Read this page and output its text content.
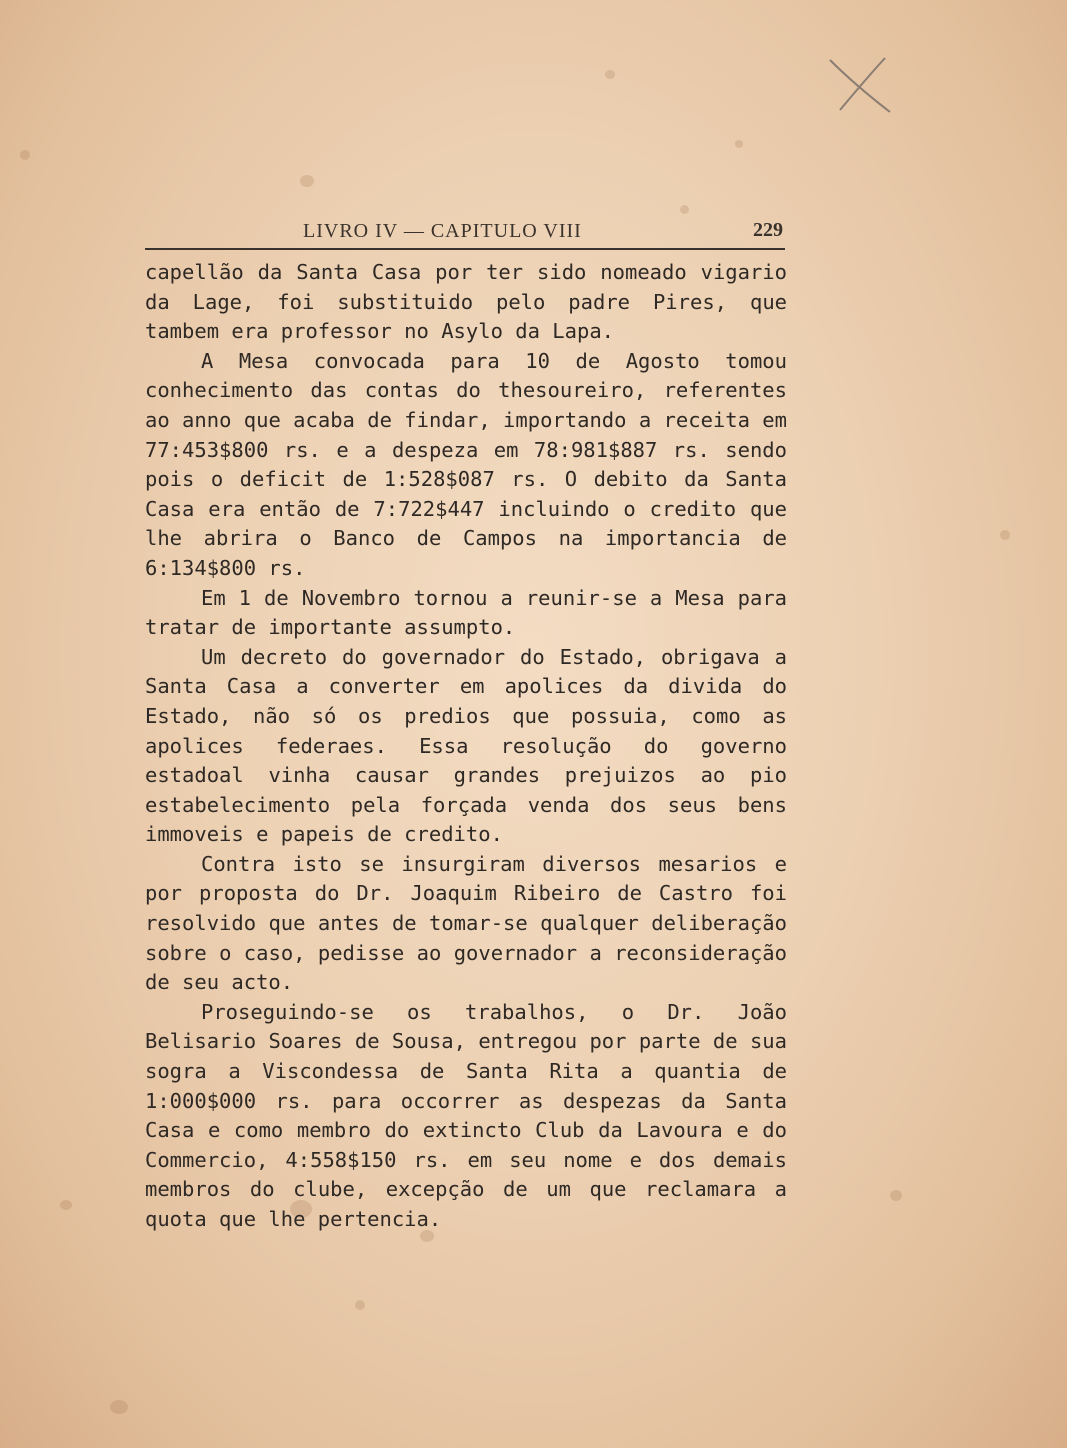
LIVRO IV — CAPITULO VIII	229

capellão da Santa Casa por ter sido nomeado vigario da Lage, foi substituido pelo padre Pires, que tambem era professor no Asylo da Lapa.

A Mesa convocada para 10 de Agosto tomou conhecimento das contas do thesoureiro, referentes ao anno que acaba de findar, importando a receita em 77:453$800 rs. e a despeza em 78:981$887 rs. sendo pois o deficit de 1:528$087 rs. O debito da Santa Casa era então de 7:722$447 incluindo o credito que lhe abrira o Banco de Campos na importancia de 6:134$800 rs.

Em 1 de Novembro tornou a reunir-se a Mesa para tratar de importante assumpto.

Um decreto do governador do Estado, obrigava a Santa Casa a converter em apolices da divida do Estado, não só os predios que possuia, como as apolices federaes. Essa resolução do governo estadoal vinha causar grandes prejuizos ao pio estabelecimento pela forçada venda dos seus bens immoveis e papeis de credito.

Contra isto se insurgiram diversos mesarios e por proposta do Dr. Joaquim Ribeiro de Castro foi resolvido que antes de tomar-se qualquer deliberação sobre o caso, pedisse ao governador a reconsideração de seu acto.

Proseguindo-se os trabalhos, o Dr. João Belisario Soares de Sousa, entregou por parte de sua sogra a Viscondessa de Santa Rita a quantia de 1:000$000 rs. para occorrer as despezas da Santa Casa e como membro do extincto Club da Lavoura e do Commercio, 4:558$150 rs. em seu nome e dos demais membros do clube, excepção de um que reclamara a quota que lhe pertencia.
